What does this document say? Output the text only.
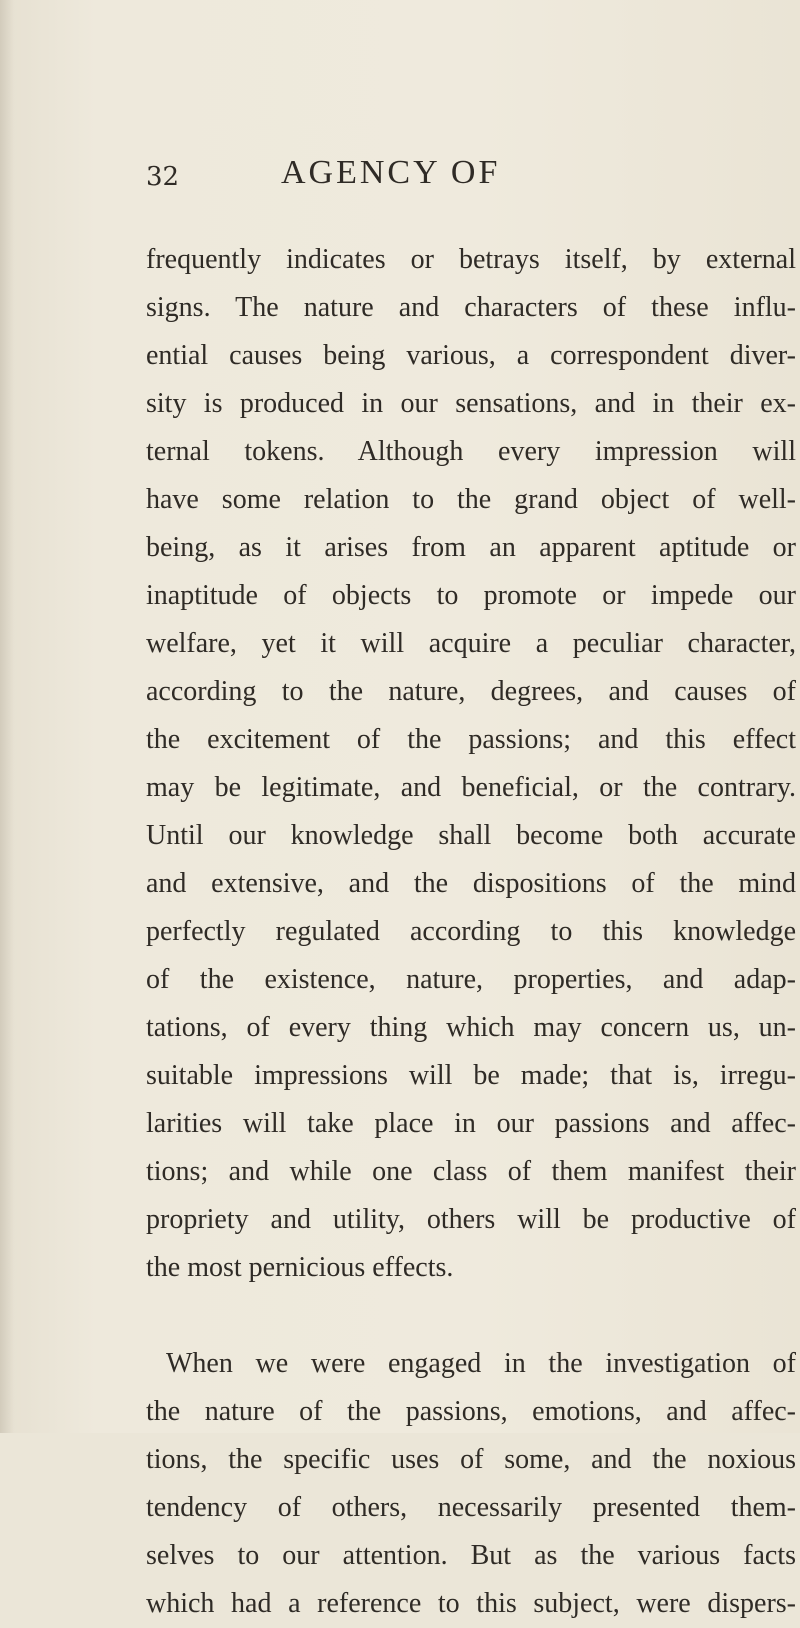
32	AGENCY OF
frequently indicates or betrays itself, by external
signs. The nature and characters of these influ-
ential causes being various, a correspondent diver-
sity is produced in our sensations, and in their ex-
ternal tokens. Although every impression will
have some relation to the grand object of well-
being, as it arises from an apparent aptitude or
inaptitude of objects to promote or impede our
welfare, yet it will acquire a peculiar character,
according to the nature, degrees, and causes of
the excitement of the passions; and this effect
may be legitimate, and beneficial, or the contrary.
Until our knowledge shall become both accurate
and extensive, and the dispositions of the mind
perfectly regulated according to this knowledge
of the existence, nature, properties, and adap-
tations, of every thing which may concern us, un-
suitable impressions will be made; that is, irregu-
larities will take place in our passions and affec-
tions; and while one class of them manifest their
propriety and utility, others will be productive of
the most pernicious effects.
When we were engaged in the investigation of
the nature of the passions, emotions, and affec-
tions, the specific uses of some, and the noxious
tendency of others, necessarily presented them-
selves to our attention. But as the various facts
which had a reference to this subject, were dispers-
